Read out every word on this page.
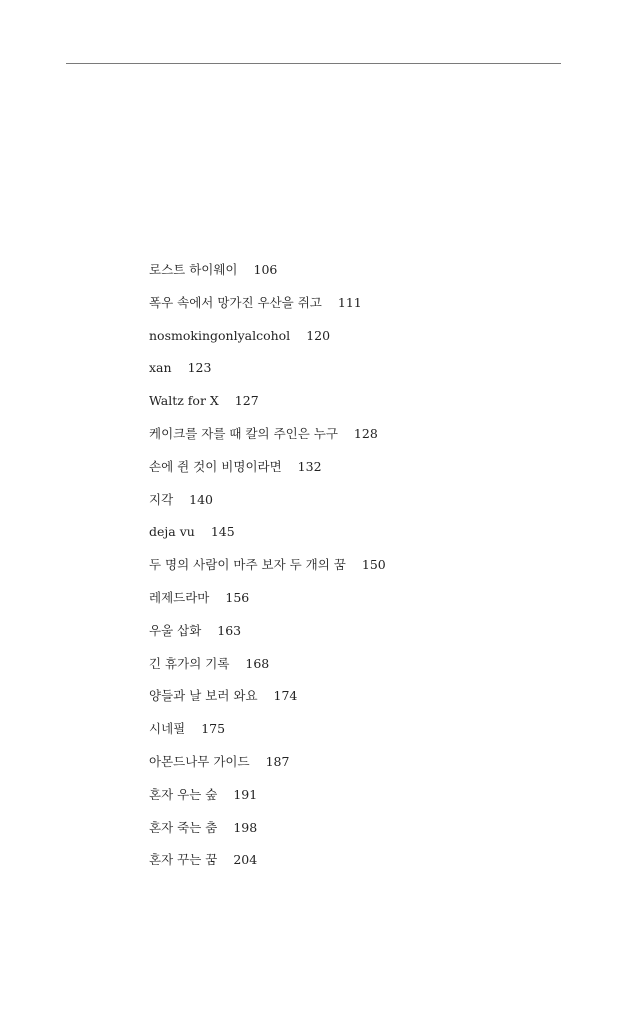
로스트 하이웨이 106
폭우 속에서 망가진 우산을 쥐고 111
nosmokingonlyalcohol 120
xan 123
Waltz for X 127
케이크를 자를 때 칼의 주인은 누구 128
손에 쥔 것이 비명이라면 132
지각 140
deja vu 145
두 명의 사람이 마주 보자 두 개의 꿈 150
레제드라마 156
우울 삽화 163
긴 휴가의 기록 168
양들과 날 보러 와요 174
시네필 175
아몬드나무 가이드 187
혼자 우는 숲 191
혼자 죽는 춤 198
혼자 꾸는 꿈 204
